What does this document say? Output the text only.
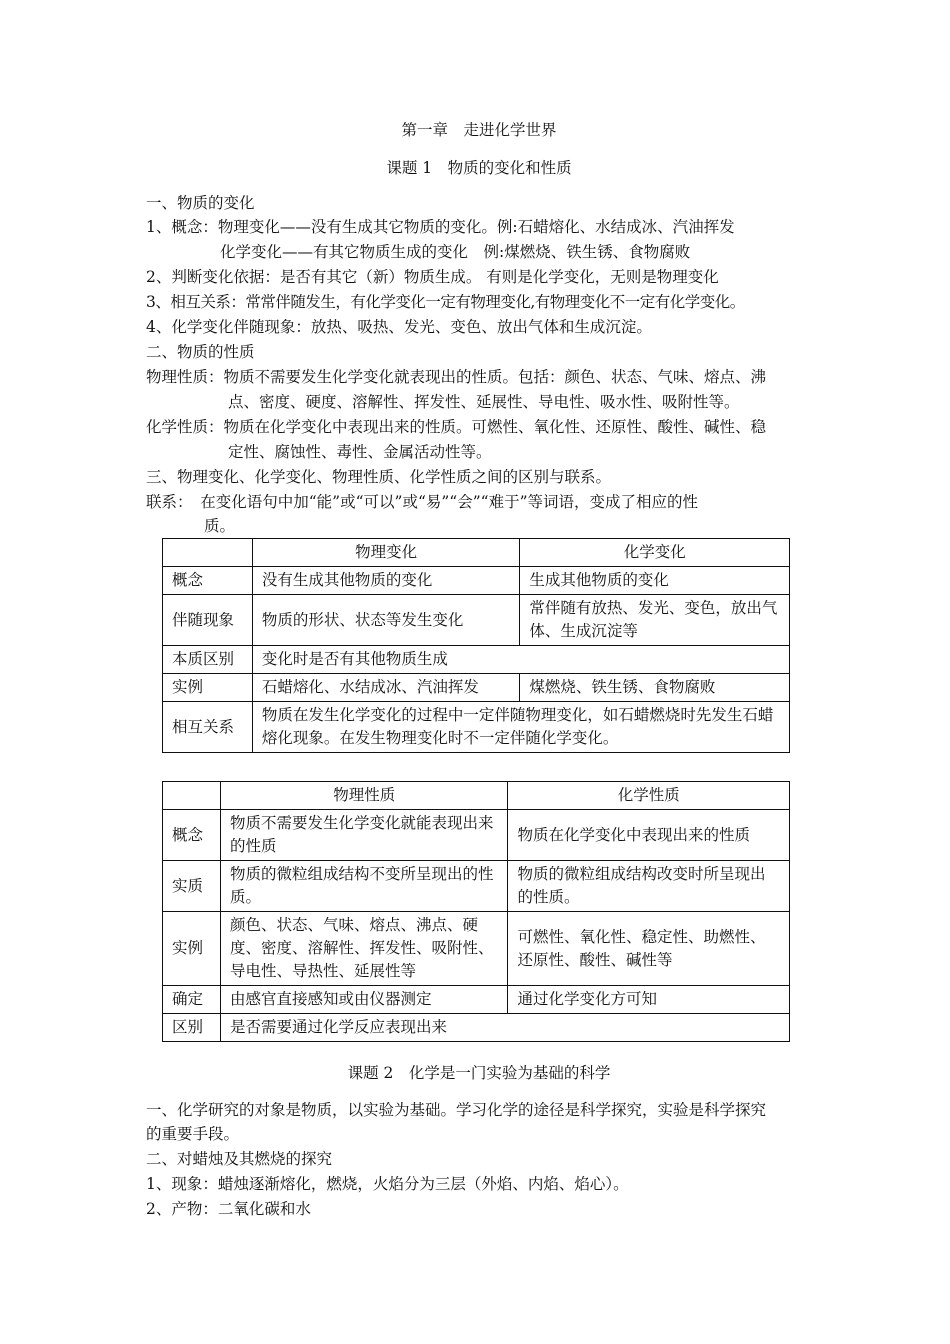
第一章　走进化学世界
课题 1　物质的变化和性质
一、物质的变化
1、概念：物理变化——没有生成其它物质的变化。例:石蜡熔化、水结成冰、汽油挥发
化学变化——有其它物质生成的变化　例:煤燃烧、铁生锈、食物腐败
2、判断变化依据：是否有其它（新）物质生成。 有则是化学变化，无则是物理变化
3、相互关系：常常伴随发生，有化学变化一定有物理变化,有物理变化不一定有化学变化。
4、化学变化伴随现象：放热、吸热、发光、变色、放出气体和生成沉淀。
二、物质的性质
物理性质：物质不需要发生化学变化就表现出的性质。包括：颜色、状态、气味、熔点、沸
点、密度、硬度、溶解性、挥发性、延展性、导电性、吸水性、吸附性等。
化学性质：物质在化学变化中表现出来的性质。可燃性、氧化性、还原性、酸性、碱性、稳
定性、腐蚀性、毒性、金属活动性等。
三、物理变化、化学变化、物理性质、化学性质之间的区别与联系。
联系：　在变化语句中加“能”或“可以”或“易”“会”“难于”等词语，变成了相应的性
质。
	物理变化	化学变化
概念	没有生成其他物质的变化	生成其他物质的变化
伴随现象	物质的形状、状态等发生变化	常伴随有放热、发光、变色，放出气体、生成沉淀等
本质区别	变化时是否有其他物质生成	
实例	石蜡熔化、水结成冰、汽油挥发	煤燃烧、铁生锈、食物腐败
相互关系	物质在发生化学变化的过程中一定伴随物理变化，如石蜡燃烧时先发生石蜡熔化现象。在发生物理变化时不一定伴随化学变化。	
	物理性质	化学性质
概念	物质不需要发生化学变化就能表现出来的性质	物质在化学变化中表现出来的性质
实质	物质的微粒组成结构不变所呈现出的性质。	物质的微粒组成结构改变时所呈现出的性质。
实例	颜色、状态、气味、熔点、沸点、硬度、密度、溶解性、挥发性、吸附性、导电性、导热性、延展性等	可燃性、氧化性、稳定性、助燃性、还原性、酸性、碱性等
确定	由感官直接感知或由仪器测定	通过化学变化方可知
区别	是否需要通过化学反应表现出来	
课题 2　化学是一门实验为基础的科学
一、化学研究的对象是物质，以实验为基础。学习化学的途径是科学探究，实验是科学探究
的重要手段。
二、对蜡烛及其燃烧的探究
1、现象：蜡烛逐渐熔化，燃烧，火焰分为三层（外焰、内焰、焰心）。
2、产物：二氧化碳和水
